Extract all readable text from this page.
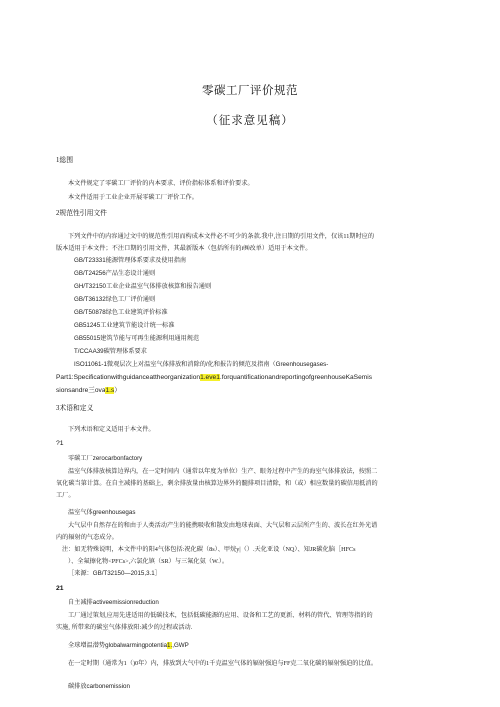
零碳工厂评价规范
（征求意见稿）
1総围
本文件规定了零碳工厂评价的内本要求、评价指标体系和评价要求。
本文件适用于工业企业开展零碳工厂评价工作。
2规范性引用文件
下列文件中的内容通过文中的规范性引用而构成本文件必不可少的条款.我中,注日期的引用文件，仅该11期时应的
版本适用于本文件；不注口期的引用文件，其最新版本（包括所有的i㈱改单）适用于本文件。
GB/T23331能源管理体系要求及使用指南
GB/T24256产品生态设计通则
GH/T32150工业企业温室气体排放核算和报告通则
GB/T36132绿色工厂评价通则
GB/T50878绿色工业建筑评价标准
GB51245工业建筑节能设计统一标准
GB55015建筑节能与可再生能源利用通用规范
T/CCAA39碳管理体系要求
ISO11061-1微观层次上对温室气体排放和消除的/化和报告的倾范及指南（Greenhousegases-
Part1:Specificationwithguidanceattheorganization1.eve1.forquantificationandreportingofgreenhouseKaSemis
sionsandre三ova1.s）
3术语和定义
下列术语和定义适用于本文件。
?1
零碳工厂zerocarbonfactory
温室气体排放核算边界内，在一定时间内（通常以年度为单位）生产、眼务过程中产生的海室气体排放法，按照二
氧化碳当第计算。在自主减排的基础上，剩余排放量由核算边界外的髓排项目清除，和（或）相应数量的碳信用抵消的
工厂。
温室气体greenhousegas
大气层中自然存在的和由于人类活动产生的能携吸收和散发由地球表面、大气层和云层所产生的、波长在红外光谱
内的辐射的气态成分。
注：如无特殊说明，本文件中的阳4气体包括:祝化碳（8s）、甲烷y|（）.天化亚设（NQ）、知JR碳化脑［HFCs
）、全氟擦化物<PFCs>,六氯化镇（SR）与三氟化氨（W.）。
［来源：GB/T32150—2015,3.1］
21
自主减排activeemissionreduction
工厂通过策划,应用先进适用的低碳技术，包括低碳能源的应用、设备和工艺的更新、材料的管代、管理等指的的
实施, 所带来的碳室气体排放阳:减少的过程或活动.
全球增温潜势globalwarmingpotentia1.,GWP
在一定时期（通常为1（)0年）内，排放到大气中的1千克温室气体的辐射强迫与FF克二氧化碳的辐射强迫的比值。
碳排放carbonemission
